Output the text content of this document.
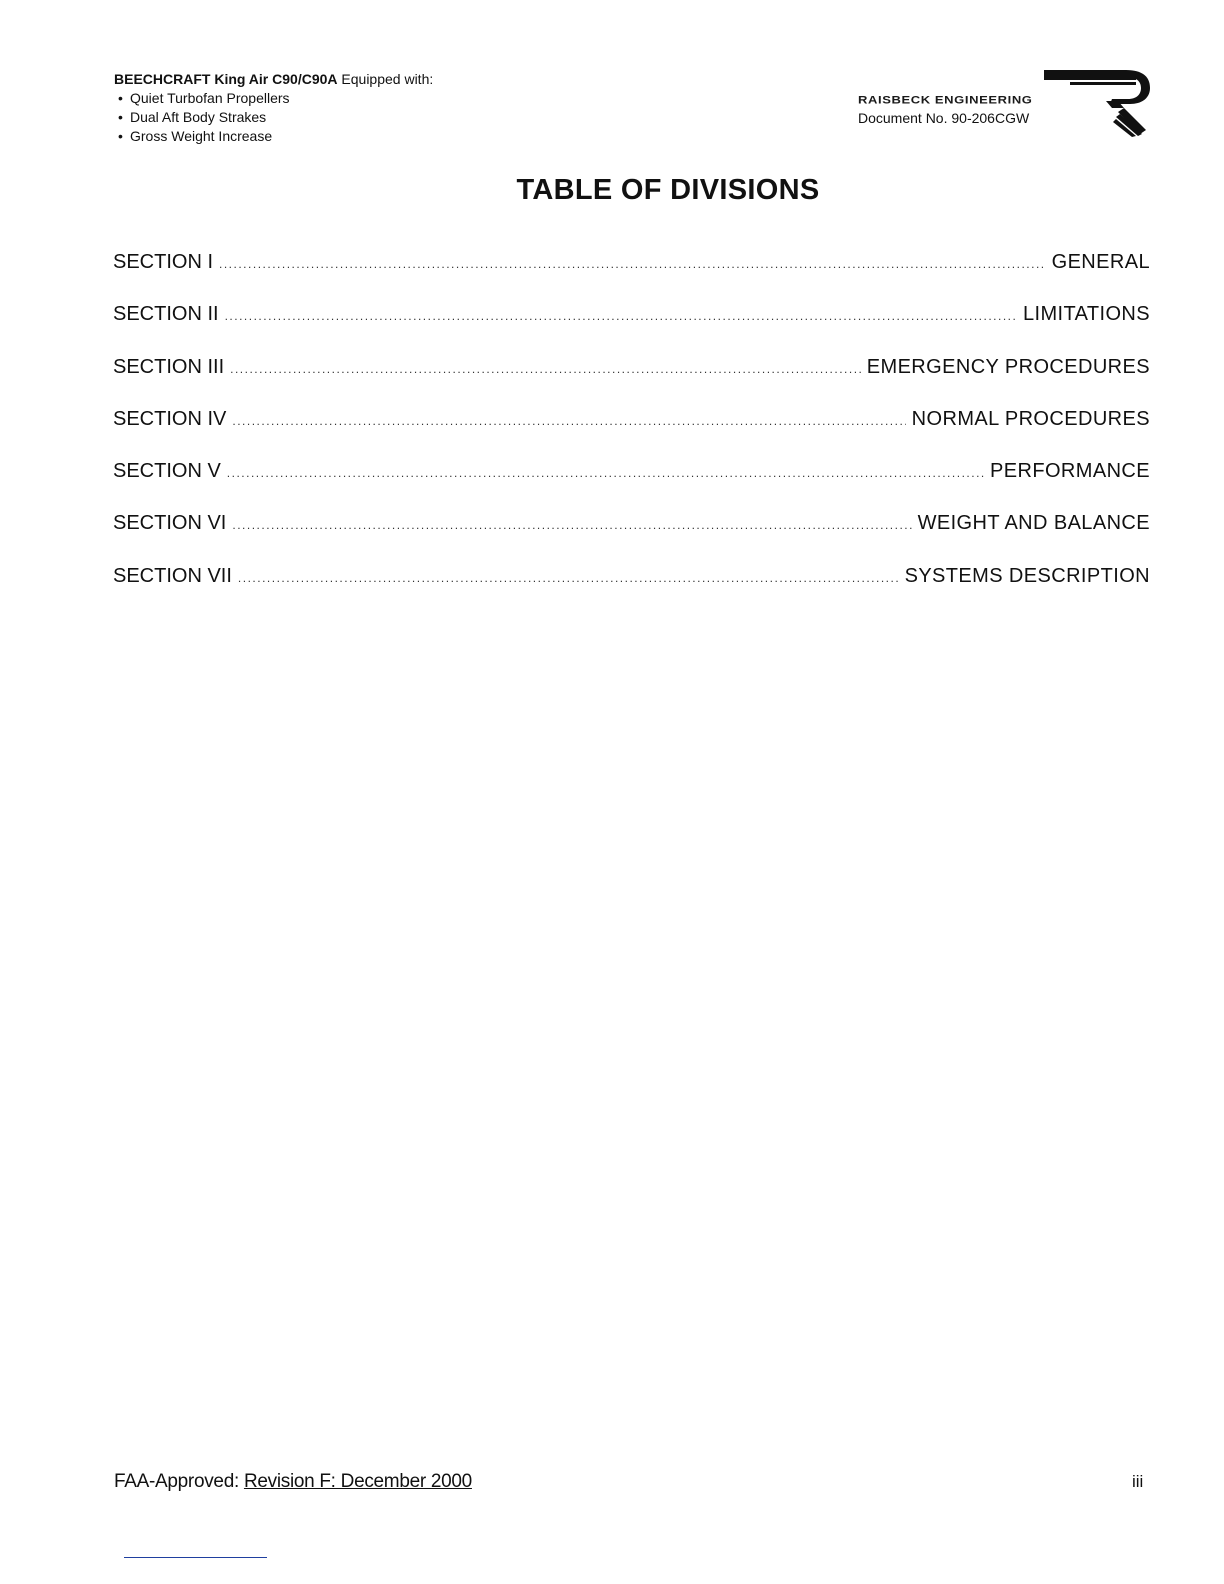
BEECHCRAFT King Air C90/C90A Equipped with:
• Quiet Turbofan Propellers
• Dual Aft Body Strakes
• Gross Weight Increase
RAISBECK ENGINEERING
Document No. 90-206CGW
TABLE OF DIVISIONS
SECTION I .....	GENERAL
SECTION II .....	LIMITATIONS
SECTION III .....	EMERGENCY PROCEDURES
SECTION IV .....	NORMAL PROCEDURES
SECTION V .....	PERFORMANCE
SECTION VI .....	WEIGHT AND BALANCE
SECTION VII .....	SYSTEMS DESCRIPTION
FAA-Approved: Revision F: December 2000	iii
